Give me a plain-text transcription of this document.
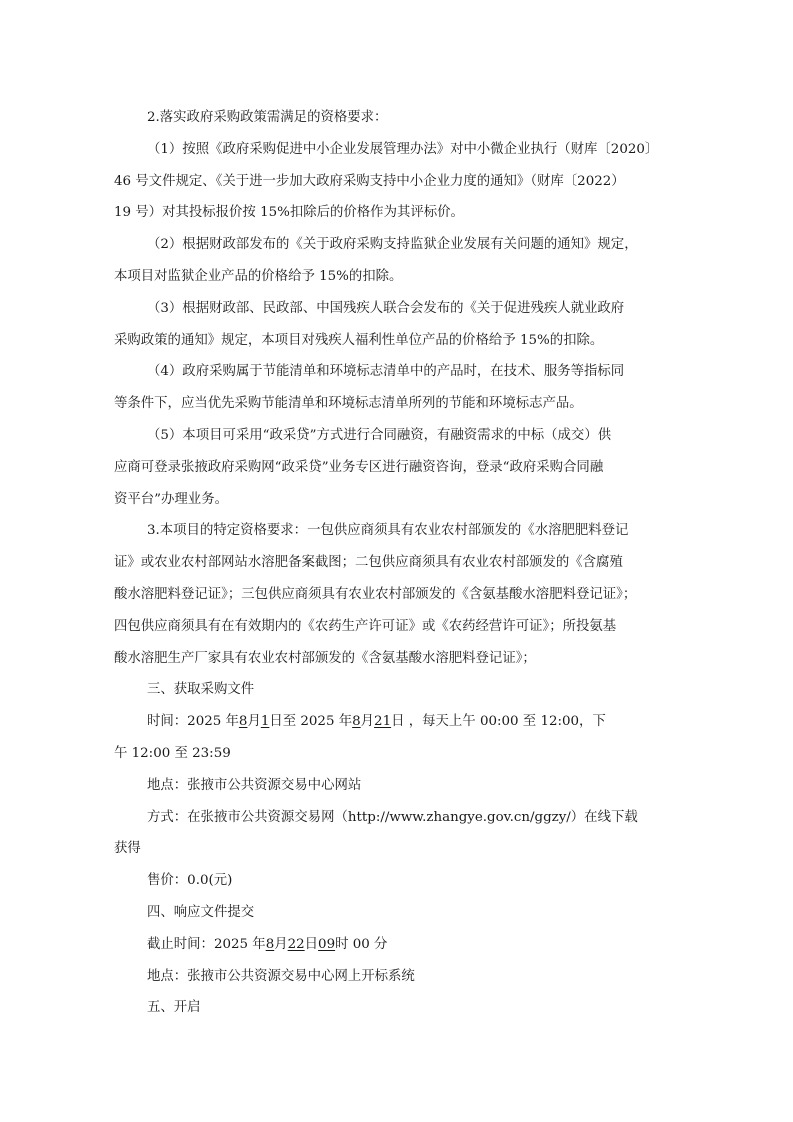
2.落实政府采购政策需满足的资格要求：

（1）按照《政府采购促进中小企业发展管理办法》对中小微企业执行（财库〔2020〕

46 号文件规定、《关于进一步加大政府采购支持中小企业力度的通知》（财库〔2022）

19 号）对其投标报价按 15%扣除后的价格作为其评标价。

（2）根据财政部发布的《关于政府采购支持监狱企业发展有关问题的通知》规定，

本项目对监狱企业产品的价格给予 15%的扣除。

（3）根据财政部、民政部、中国残疾人联合会发布的《关于促进残疾人就业政府

采购政策的通知》规定，本项目对残疾人福利性单位产品的价格给予 15%的扣除。

（4）政府采购属于节能清单和环境标志清单中的产品时，在技术、服务等指标同

等条件下，应当优先采购节能清单和环境标志清单所列的节能和环境标志产品。

（5）本项目可采用“政采贷”方式进行合同融资，有融资需求的中标（成交）供

应商可登录张掖政府采购网“政采贷”业务专区进行融资咨询，登录“政府采购合同融

资平台”办理业务。

3.本项目的特定资格要求：一包供应商须具有农业农村部颁发的《水溶肥肥料登记

证》或农业农村部网站水溶肥备案截图；二包供应商须具有农业农村部颁发的《含腐殖

酸水溶肥料登记证》；三包供应商须具有农业农村部颁发的《含氨基酸水溶肥料登记证》；

四包供应商须具有在有效期内的《农药生产许可证》或《农药经营许可证》；所投氨基

酸水溶肥生产厂家具有农业农村部颁发的《含氨基酸水溶肥料登记证》；

三、获取采购文件

时间：2025 年8月1日至 2025 年8月21日 ，每天上午 00:00 至 12:00，下

午 12:00 至 23:59

地点：张掖市公共资源交易中心网站

方式：在张掖市公共资源交易网（http://www.zhangye.gov.cn/ggzy/）在线下载

获得

售价：0.0(元)

四、响应文件提交

截止时间：2025 年8月22日09时 00 分

地点：张掖市公共资源交易中心网上开标系统

五、开启
